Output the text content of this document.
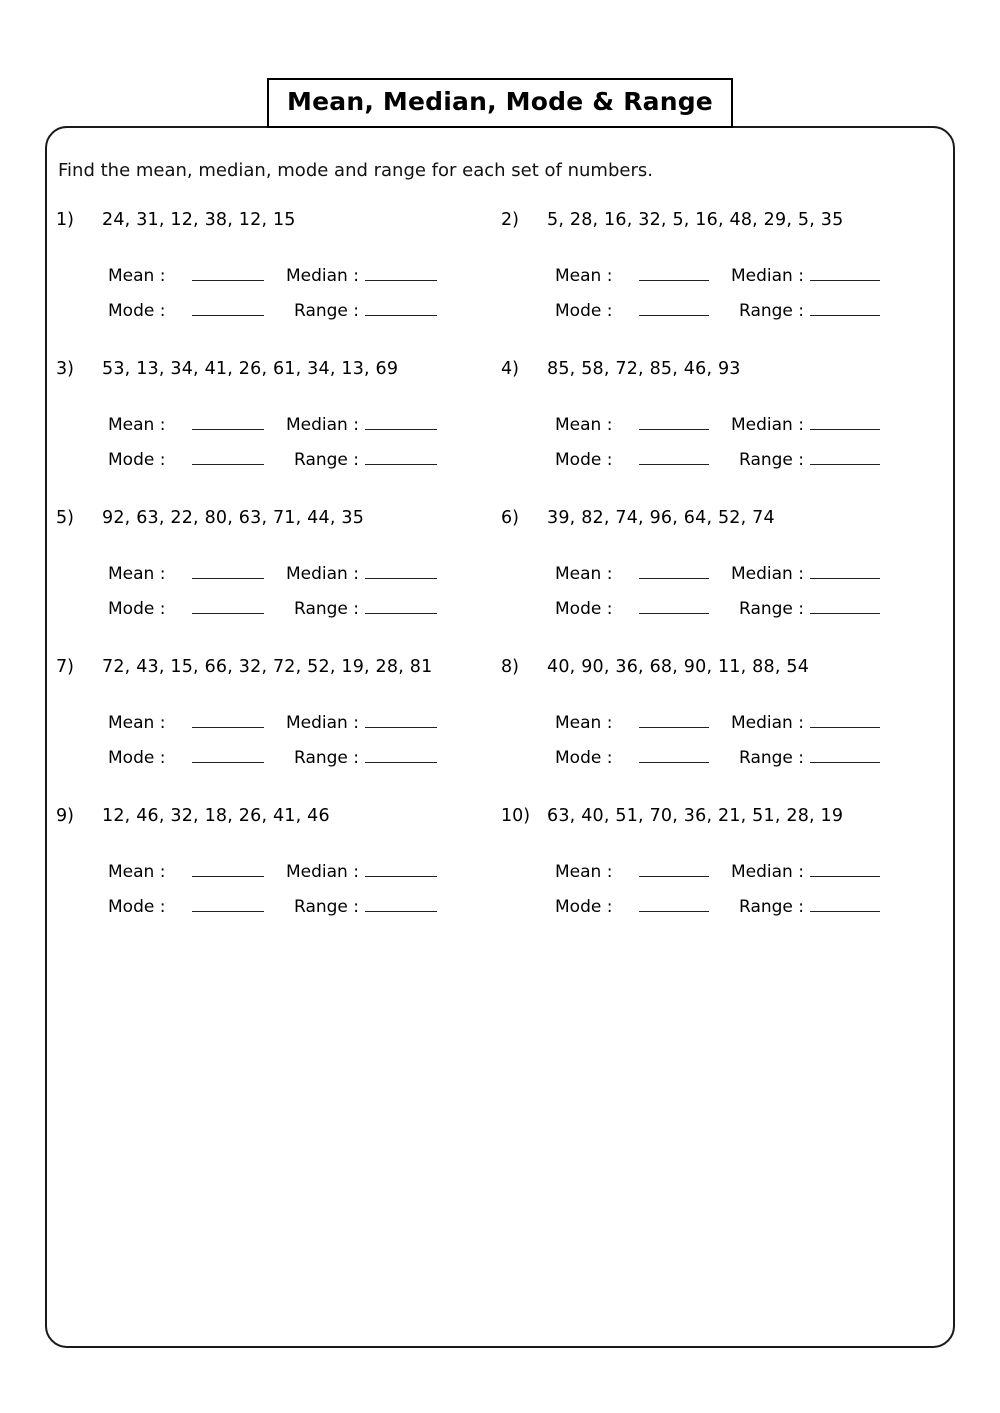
Mean, Median, Mode & Range
Find the mean, median, mode and range for each set of numbers.
1)	24, 31, 12, 38, 12, 15
Mean :	Median :
Mode :	Range :
2)	5, 28, 16, 32, 5, 16, 48, 29, 5, 35
Mean :	Median :
Mode :	Range :
3)	53, 13, 34, 41, 26, 61, 34, 13, 69
Mean :	Median :
Mode :	Range :
4)	85, 58, 72, 85, 46, 93
Mean :	Median :
Mode :	Range :
5)	92, 63, 22, 80, 63, 71, 44, 35
Mean :	Median :
Mode :	Range :
6)	39, 82, 74, 96, 64, 52, 74
Mean :	Median :
Mode :	Range :
7)	72, 43, 15, 66, 32, 72, 52, 19, 28, 81
Mean :	Median :
Mode :	Range :
8)	40, 90, 36, 68, 90, 11, 88, 54
Mean :	Median :
Mode :	Range :
9)	12, 46, 32, 18, 26, 41, 46
Mean :	Median :
Mode :	Range :
10) 63, 40, 51, 70, 36, 21, 51, 28, 19
Mean :	Median :
Mode :	Range :
